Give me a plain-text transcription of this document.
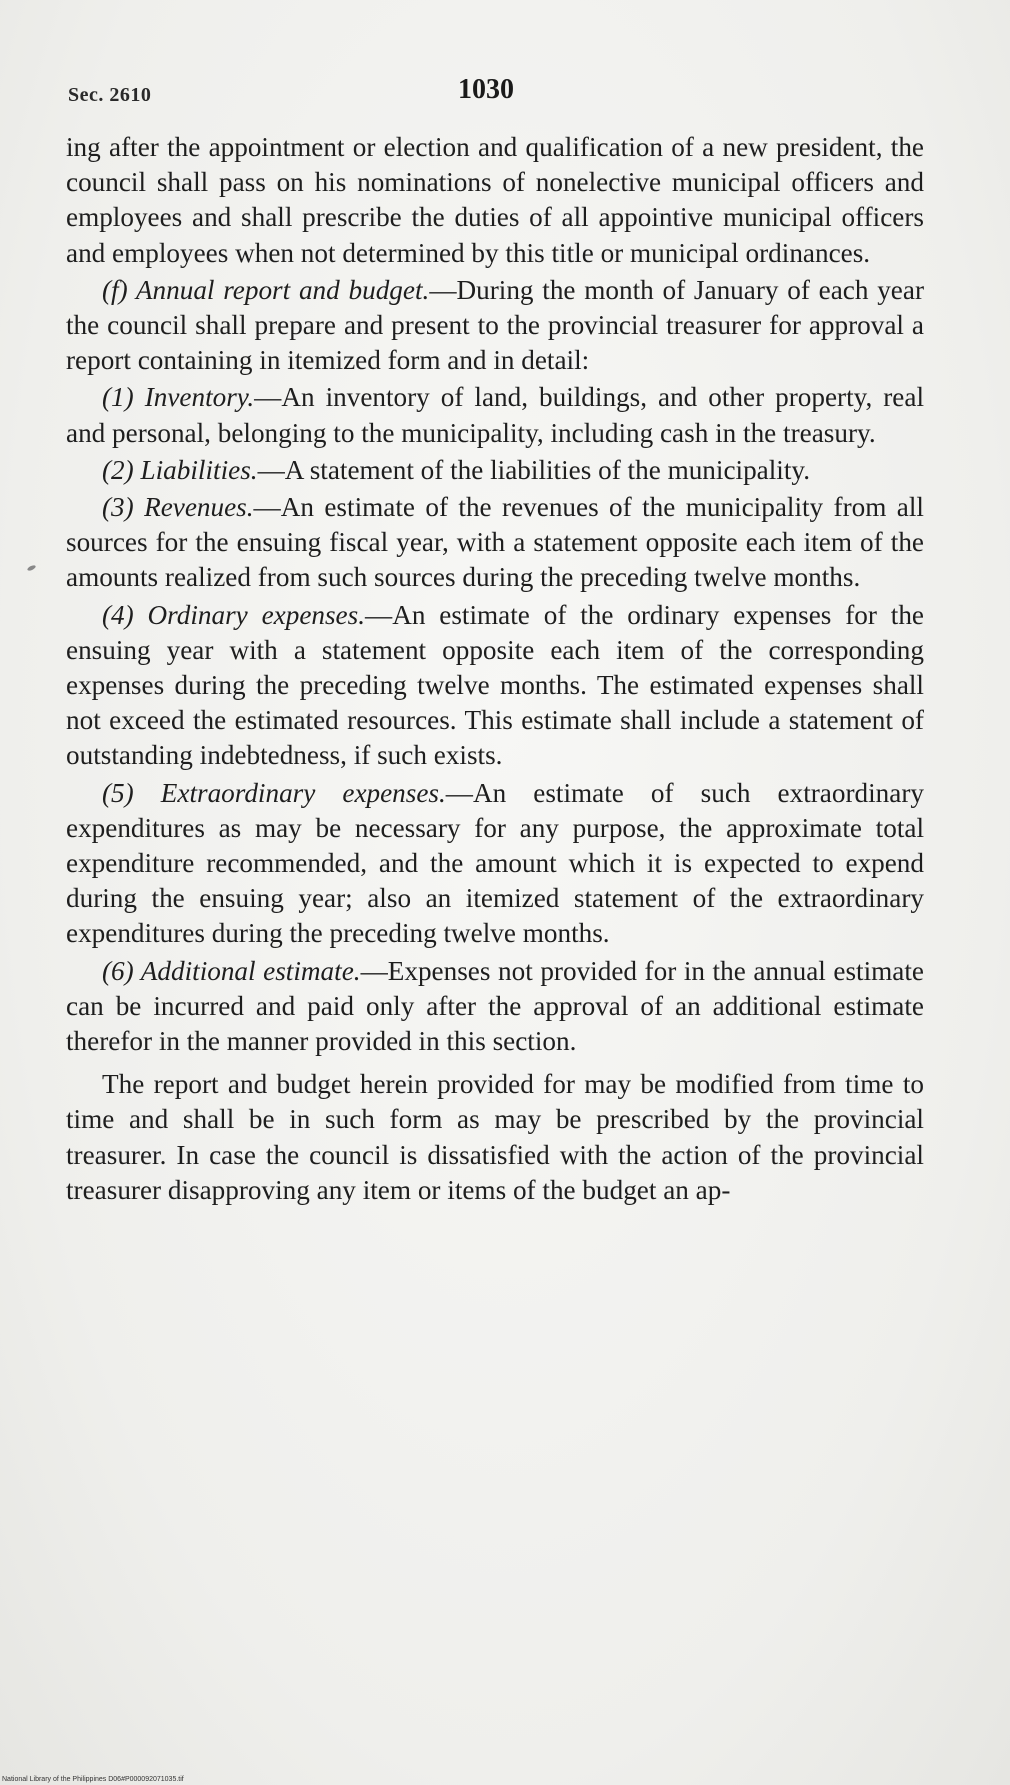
Sec. 2610	1030

ing after the appointment or election and qualification of a new president, the council shall pass on his nominations of nonelective municipal officers and employees and shall prescribe the duties of all appointive municipal officers and employees when not determined by this title or municipal ordinances.

(f) Annual report and budget.—During the month of January of each year the council shall prepare and present to the provincial treasurer for approval a report containing in itemized form and in detail:

(1) Inventory.—An inventory of land, buildings, and other property, real and personal, belonging to the municipality, including cash in the treasury.

(2) Liabilities.—A statement of the liabilities of the municipality.

(3) Revenues.—An estimate of the revenues of the municipality from all sources for the ensuing fiscal year, with a statement opposite each item of the amounts realized from such sources during the preceding twelve months.

(4) Ordinary expenses.—An estimate of the ordinary expenses for the ensuing year with a statement opposite each item of the corresponding expenses during the preceding twelve months. The estimated expenses shall not exceed the estimated resources. This estimate shall include a statement of outstanding indebtedness, if such exists.

(5) Extraordinary expenses.—An estimate of such extraordinary expenditures as may be necessary for any purpose, the approximate total expenditure recommended, and the amount which it is expected to expend during the ensuing year; also an itemized statement of the extraordinary expenditures during the preceding twelve months.

(6) Additional estimate.—Expenses not provided for in the annual estimate can be incurred and paid only after the approval of an additional estimate therefor in the manner provided in this section.

The report and budget herein provided for may be modified from time to time and shall be in such form as may be prescribed by the provincial treasurer. In case the council is dissatisfied with the action of the provincial treasurer disapproving any item or items of the budget an ap-

National Library of the Philippines D06#P000092071035.tif
